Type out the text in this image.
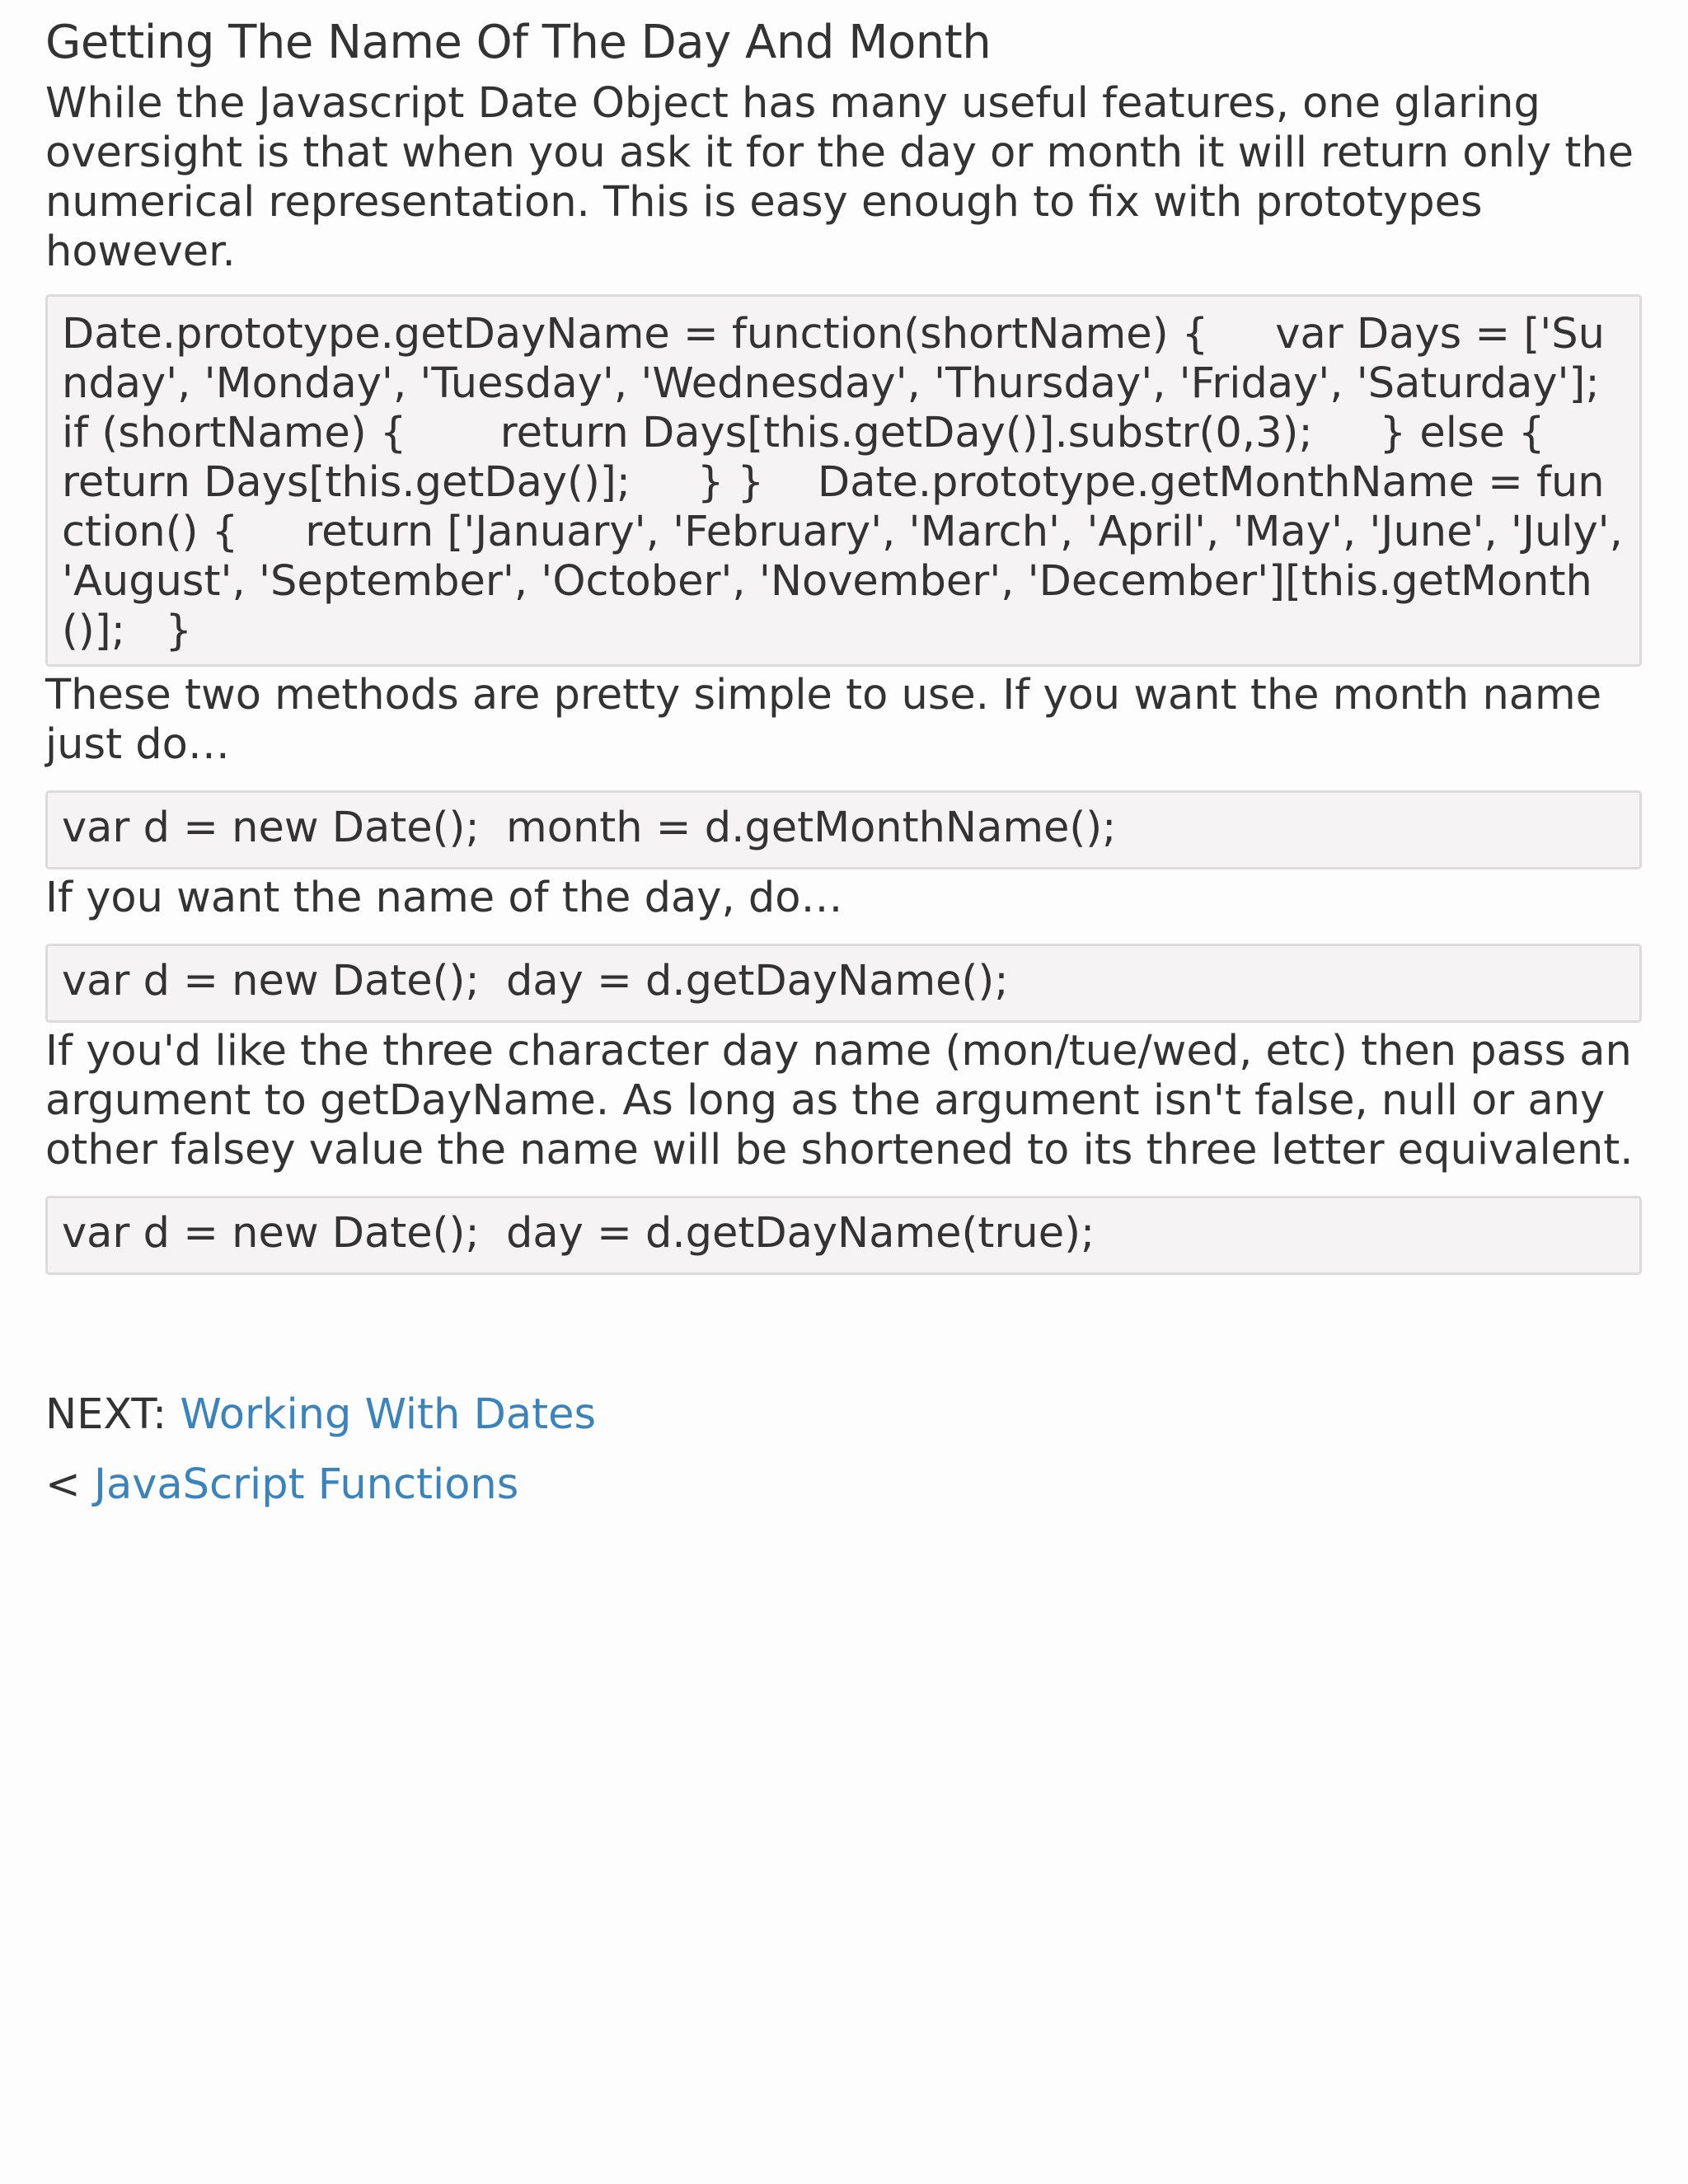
Getting The Name Of The Day And Month

While the Javascript Date Object has many useful features, one glaring oversight is that when you ask it for the day or month it will return only the numerical representation. This is easy enough to fix with prototypes however.

Date.prototype.getDayName = function(shortName) {     var Days = ['Sunday', 'Monday', 'Tuesday', 'Wednesday', 'Thursday', 'Friday', 'Saturday'];     if (shortName) {       return Days[this.getDay()].substr(0,3);     } else {       return Days[this.getDay()];     } }    Date.prototype.getMonthName = function() {     return ['January', 'February', 'March', 'April', 'May', 'June', 'July', 'August', 'September', 'October', 'November', 'December'][this.getMonth()];   }

These two methods are pretty simple to use. If you want the month name just do…

var d = new Date();  month = d.getMonthName();

If you want the name of the day, do…

var d = new Date();  day = d.getDayName();

If you'd like the three character day name (mon/tue/wed, etc) then pass an argument to getDayName. As long as the argument isn't false, null or any other falsey value the name will be shortened to its three letter equivalent.

var d = new Date();  day = d.getDayName(true);

NEXT: Working With Dates

< JavaScript Functions
